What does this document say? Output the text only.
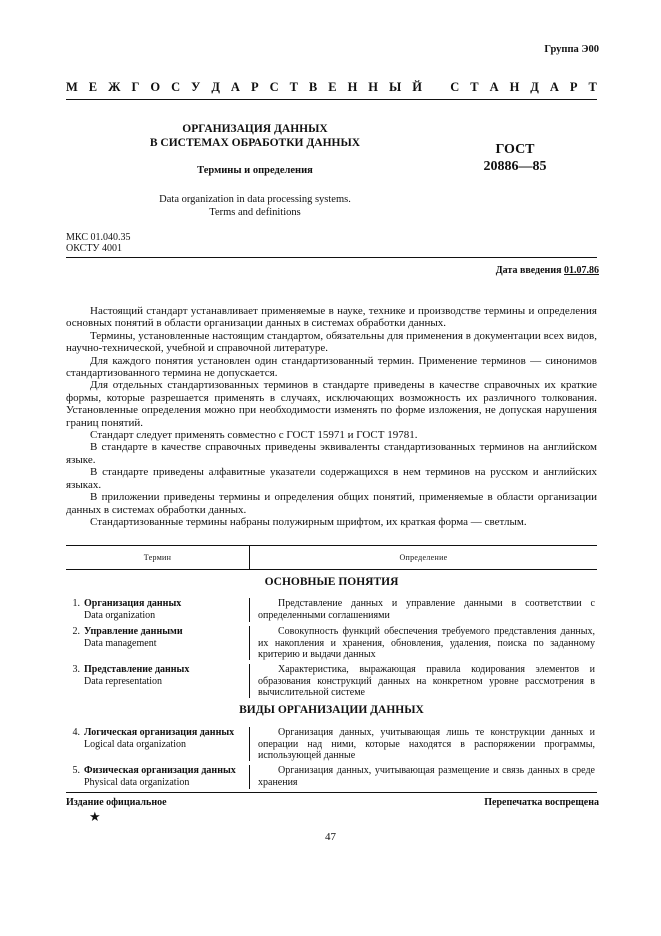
Группа Э00
М Е Ж Г О С У Д А Р С Т В Е Н Н Ы Й
С Т А Н Д А Р Т
ОРГАНИЗАЦИЯ ДАННЫХ
В СИСТЕМАХ ОБРАБОТКИ ДАННЫХ
Термины и определения
Data organization in data processing systems.
Terms and definitions
ГОСТ
20886—85
МКС 01.040.35
ОКСТУ 4001
Дата введения 01.07.86

Настоящий стандарт устанавливает применяемые в науке, технике и производстве термины и определения основных понятий в области организации данных в системах обработки данных.

Термины, установленные настоящим стандартом, обязательны для применения в документации всех видов, научно-технической, учебной и справочной литературе.

Для каждого понятия установлен один стандартизованный термин. Применение терминов — синонимов стандартизованного термина не допускается.

Для отдельных стандартизованных терминов в стандарте приведены в качестве справочных их краткие формы, которые разрешается применять в случаях, исключающих возможность их различного толкования. Установленные определения можно при необходимости изменять по форме изложения, не допуская нарушения границ понятий.

Стандарт следует применять совместно с ГОСТ 15971 и ГОСТ 19781.

В стандарте в качестве справочных приведены эквиваленты стандартизованных терминов на английском языке.

В стандарте приведены алфавитные указатели содержащихся в нем терминов на русском и английских языках.

В приложении приведены термины и определения общих понятий, применяемые в области организации данных в системах обработки данных.

Стандартизованные термины набраны полужирным шрифтом, их краткая форма — светлым.

Термин	Определение
ОСНОВНЫЕ ПОНЯТИЯ
1. Организация данных
Data organization
Представление данных и управление данными в соответствии с определенными соглашениями
2. Управление данными
Data management
Совокупность функций обеспечения требуемого представления данных, их накопления и хранения, обновления, удаления, поиска по заданному критерию и выдачи данных
3. Представление данных
Data representation
Характеристика, выражающая правила кодирования элементов и образования конструкций данных на конкретном уровне рассмотрения в вычислительной системе
ВИДЫ ОРГАНИЗАЦИИ ДАННЫХ
4. Логическая организация данных
Logical data organization
Организация данных, учитывающая лишь те конструкции данных и операции над ними, которые находятся в распоряжении программы, использующей данные
5. Физическая организация данных
Physical data organization
Организация данных, учитывающая размещение и связь данных в среде хранения
Издание официальное	Перепечатка воспрещена
★
47
